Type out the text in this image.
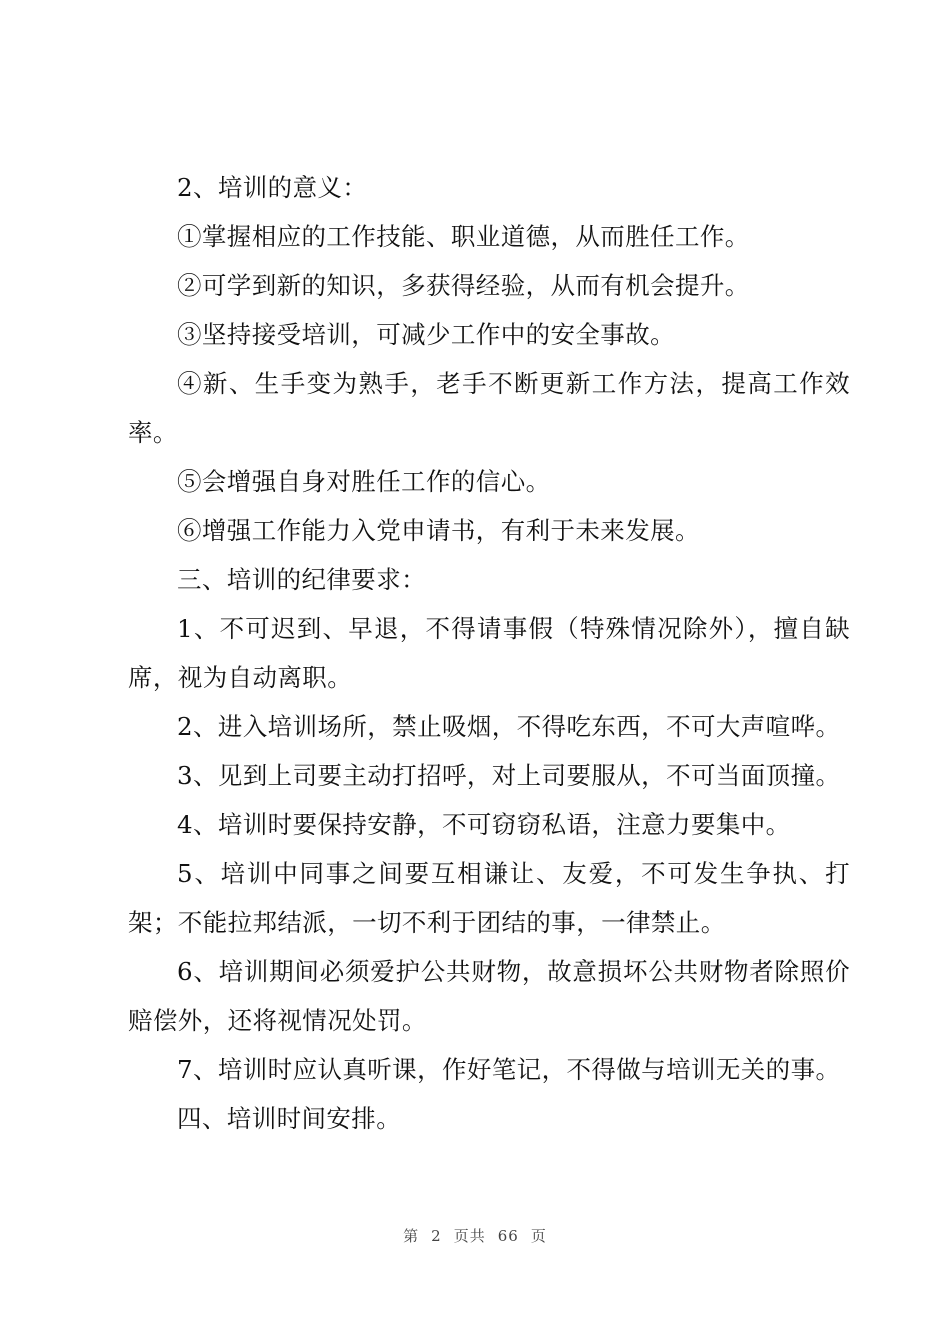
2、培训的意义：

①掌握相应的工作技能、职业道德，从而胜任工作。

②可学到新的知识，多获得经验，从而有机会提升。

③坚持接受培训，可减少工作中的安全事故。

④新、生手变为熟手，老手不断更新工作方法，提高工作效率。

⑤会增强自身对胜任工作的信心。

⑥增强工作能力入党申请书，有利于未来发展。

三、培训的纪律要求：

1、不可迟到、早退，不得请事假（特殊情况除外），擅自缺席，视为自动离职。

2、进入培训场所，禁止吸烟，不得吃东西，不可大声喧哗。

3、见到上司要主动打招呼，对上司要服从，不可当面顶撞。

4、培训时要保持安静，不可窃窃私语，注意力要集中。

5、培训中同事之间要互相谦让、友爱，不可发生争执、打架；不能拉邦结派，一切不利于团结的事，一律禁止。

6、培训期间必须爱护公共财物，故意损坏公共财物者除照价赔偿外，还将视情况处罚。

7、培训时应认真听课，作好笔记，不得做与培训无关的事。

四、培训时间安排。

第 2 页共 66 页
